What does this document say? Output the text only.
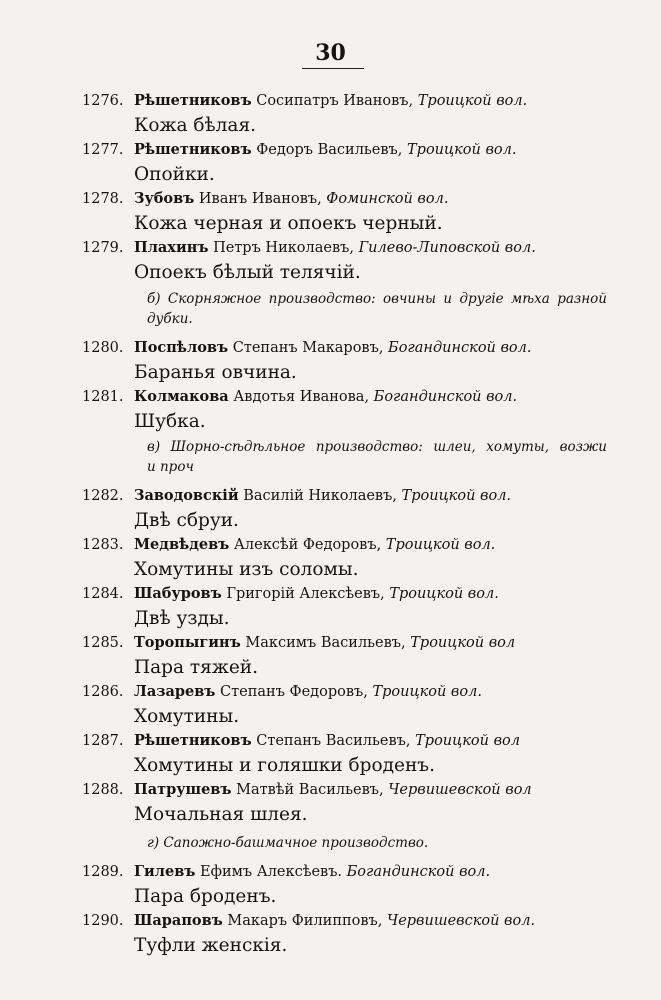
30
1276. Рѣшетниковъ Сосипатръ Ивановъ, Троицкой вол.
Кожа бѣлая.
1277. Рѣшетниковъ Федоръ Васильевъ, Троицкой вол.
Опойки.
1278. Зубовъ Иванъ Ивановъ, Фоминской вол.
Кожа черная и опоекъ черный.
1279. Плахинъ Петръ Николаевъ, Гилево-Липовской вол.
Опоекъ бѣлый телячій.
б) Скорняжное производство: овчины и другіе мѣха разной
дубки.
1280. Поспѣловъ Степанъ Макаровъ, Богандинской вол.
Баранья овчина.
1281. Колмакова Авдотья Иванова, Богандинской вол.
Шубка.
в) Шорно-сѣдѣльное производство: шлеи, хомуты, возжи
и проч
1282. Заводовскій Василій Николаевъ, Троицкой вол.
Двѣ сбруи.
1283. Медвѣдевъ Алексѣй Федоровъ, Троицкой вол.
Хомутины изъ соломы.
1284. Шабуровъ Григорій Алексѣевъ, Троицкой вол.
Двѣ узды.
1285. Торопыгинъ Максимъ Васильевъ, Троицкой вол
Пара тяжей.
1286. Лазаревъ Степанъ Федоровъ, Троицкой вол.
Хомутины.
1287. Рѣшетниковъ Степанъ Васильевъ, Троицкой вол
Хомутины и голяшки броденъ.
1288. Патрушевъ Матвѣй Васильевъ, Червишевской вол
Мочальная шлея.
г) Сапожно-башмачное производство.
1289. Гилевъ Ефимъ Алексѣевъ. Богандинской вол.
Пара броденъ.
1290. Шараповъ Макаръ Филипповъ, Червишевской вол.
Туфли женскія.
